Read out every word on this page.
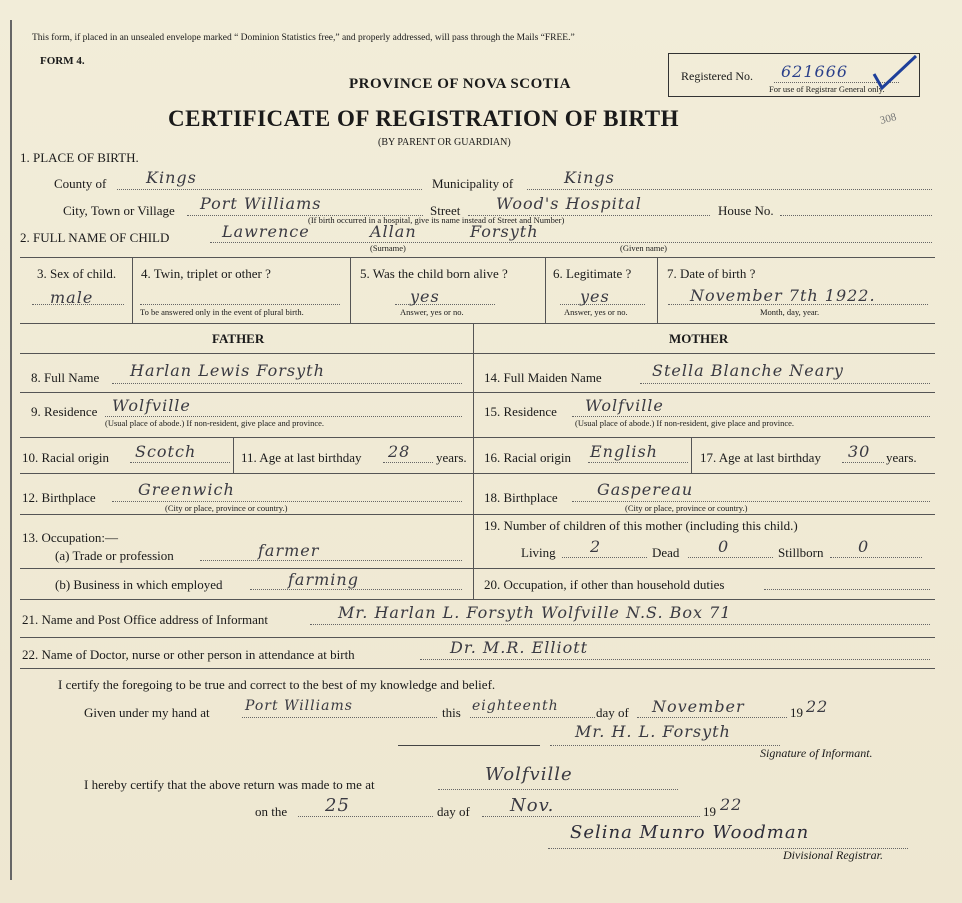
This form, if placed in an unsealed envelope marked “ Dominion Statistics free,” and properly addressed, will pass through the Mails “FREE.”
FORM 4.
PROVINCE OF NOVA SCOTIA	Registered No. 621666
For use of Registrar General only.
308
CERTIFICATE OF REGISTRATION OF BIRTH
(BY PARENT OR GUARDIAN)
1. PLACE OF BIRTH.
County of Kings	Municipality of	Kings
City, Town or Village Port Williams	Street Wood's Hospital	House No.
(If birth occurred in a hospital, give its name instead of Street and Number)
2. FULL NAME OF CHILD	Lawrence	Allan	Forsyth
(Surname)	(Given name)
3. Sex of child.
male
4. Twin, triplet or other ?
To be answered only in the event of plural birth.
5. Was the child born alive ?
yes
Answer, yes or no.
6. Legitimate ?
yes
Answer, yes or no.
7. Date of birth ?
November 7th 1922.
Month, day, year.
FATHER	MOTHER
8. Full Name Harlan Lewis Forsyth
9. Residence Wolfville
(Usual place of abode.) If non-resident, give place and province.
10. Racial origin Scotch	11. Age at last birthday 28 years.
12. Birthplace	Greenwich
(City or place, province or country.)
13. Occupation:—
(a) Trade or profession	farmer
(b) Business in which employed	farming
14. Full Maiden Name	Stella Blanche Neary
15. Residence Wolfville
(Usual place of abode.) If non-resident, give place and province.
16. Racial origin English	17. Age at last birthday 30 years.
18. Birthplace Gaspereau
(City or place, province or country.)
19. Number of children of this mother (including this child.)
Living 2	Dead 0	Stillborn 0
20. Occupation, if other than household duties
21. Name and Post Office address of Informant	Mr. Harlan L. Forsyth Wolfville N.S. Box 71
22. Name of Doctor, nurse or other person in attendance at birth	Dr. M.R. Elliott
I certify the foregoing to be true and correct to the best of my knowledge and belief.
Given under my hand at	Port Williams	this eighteenth	day of November	19 22
Mr. H. L. Forsyth
Signature of Informant.
I hereby certify that the above return was made to me at	Wolfville
on the 25	day of Nov.	19 22
Selina Munro Woodman
Divisional Registrar.
